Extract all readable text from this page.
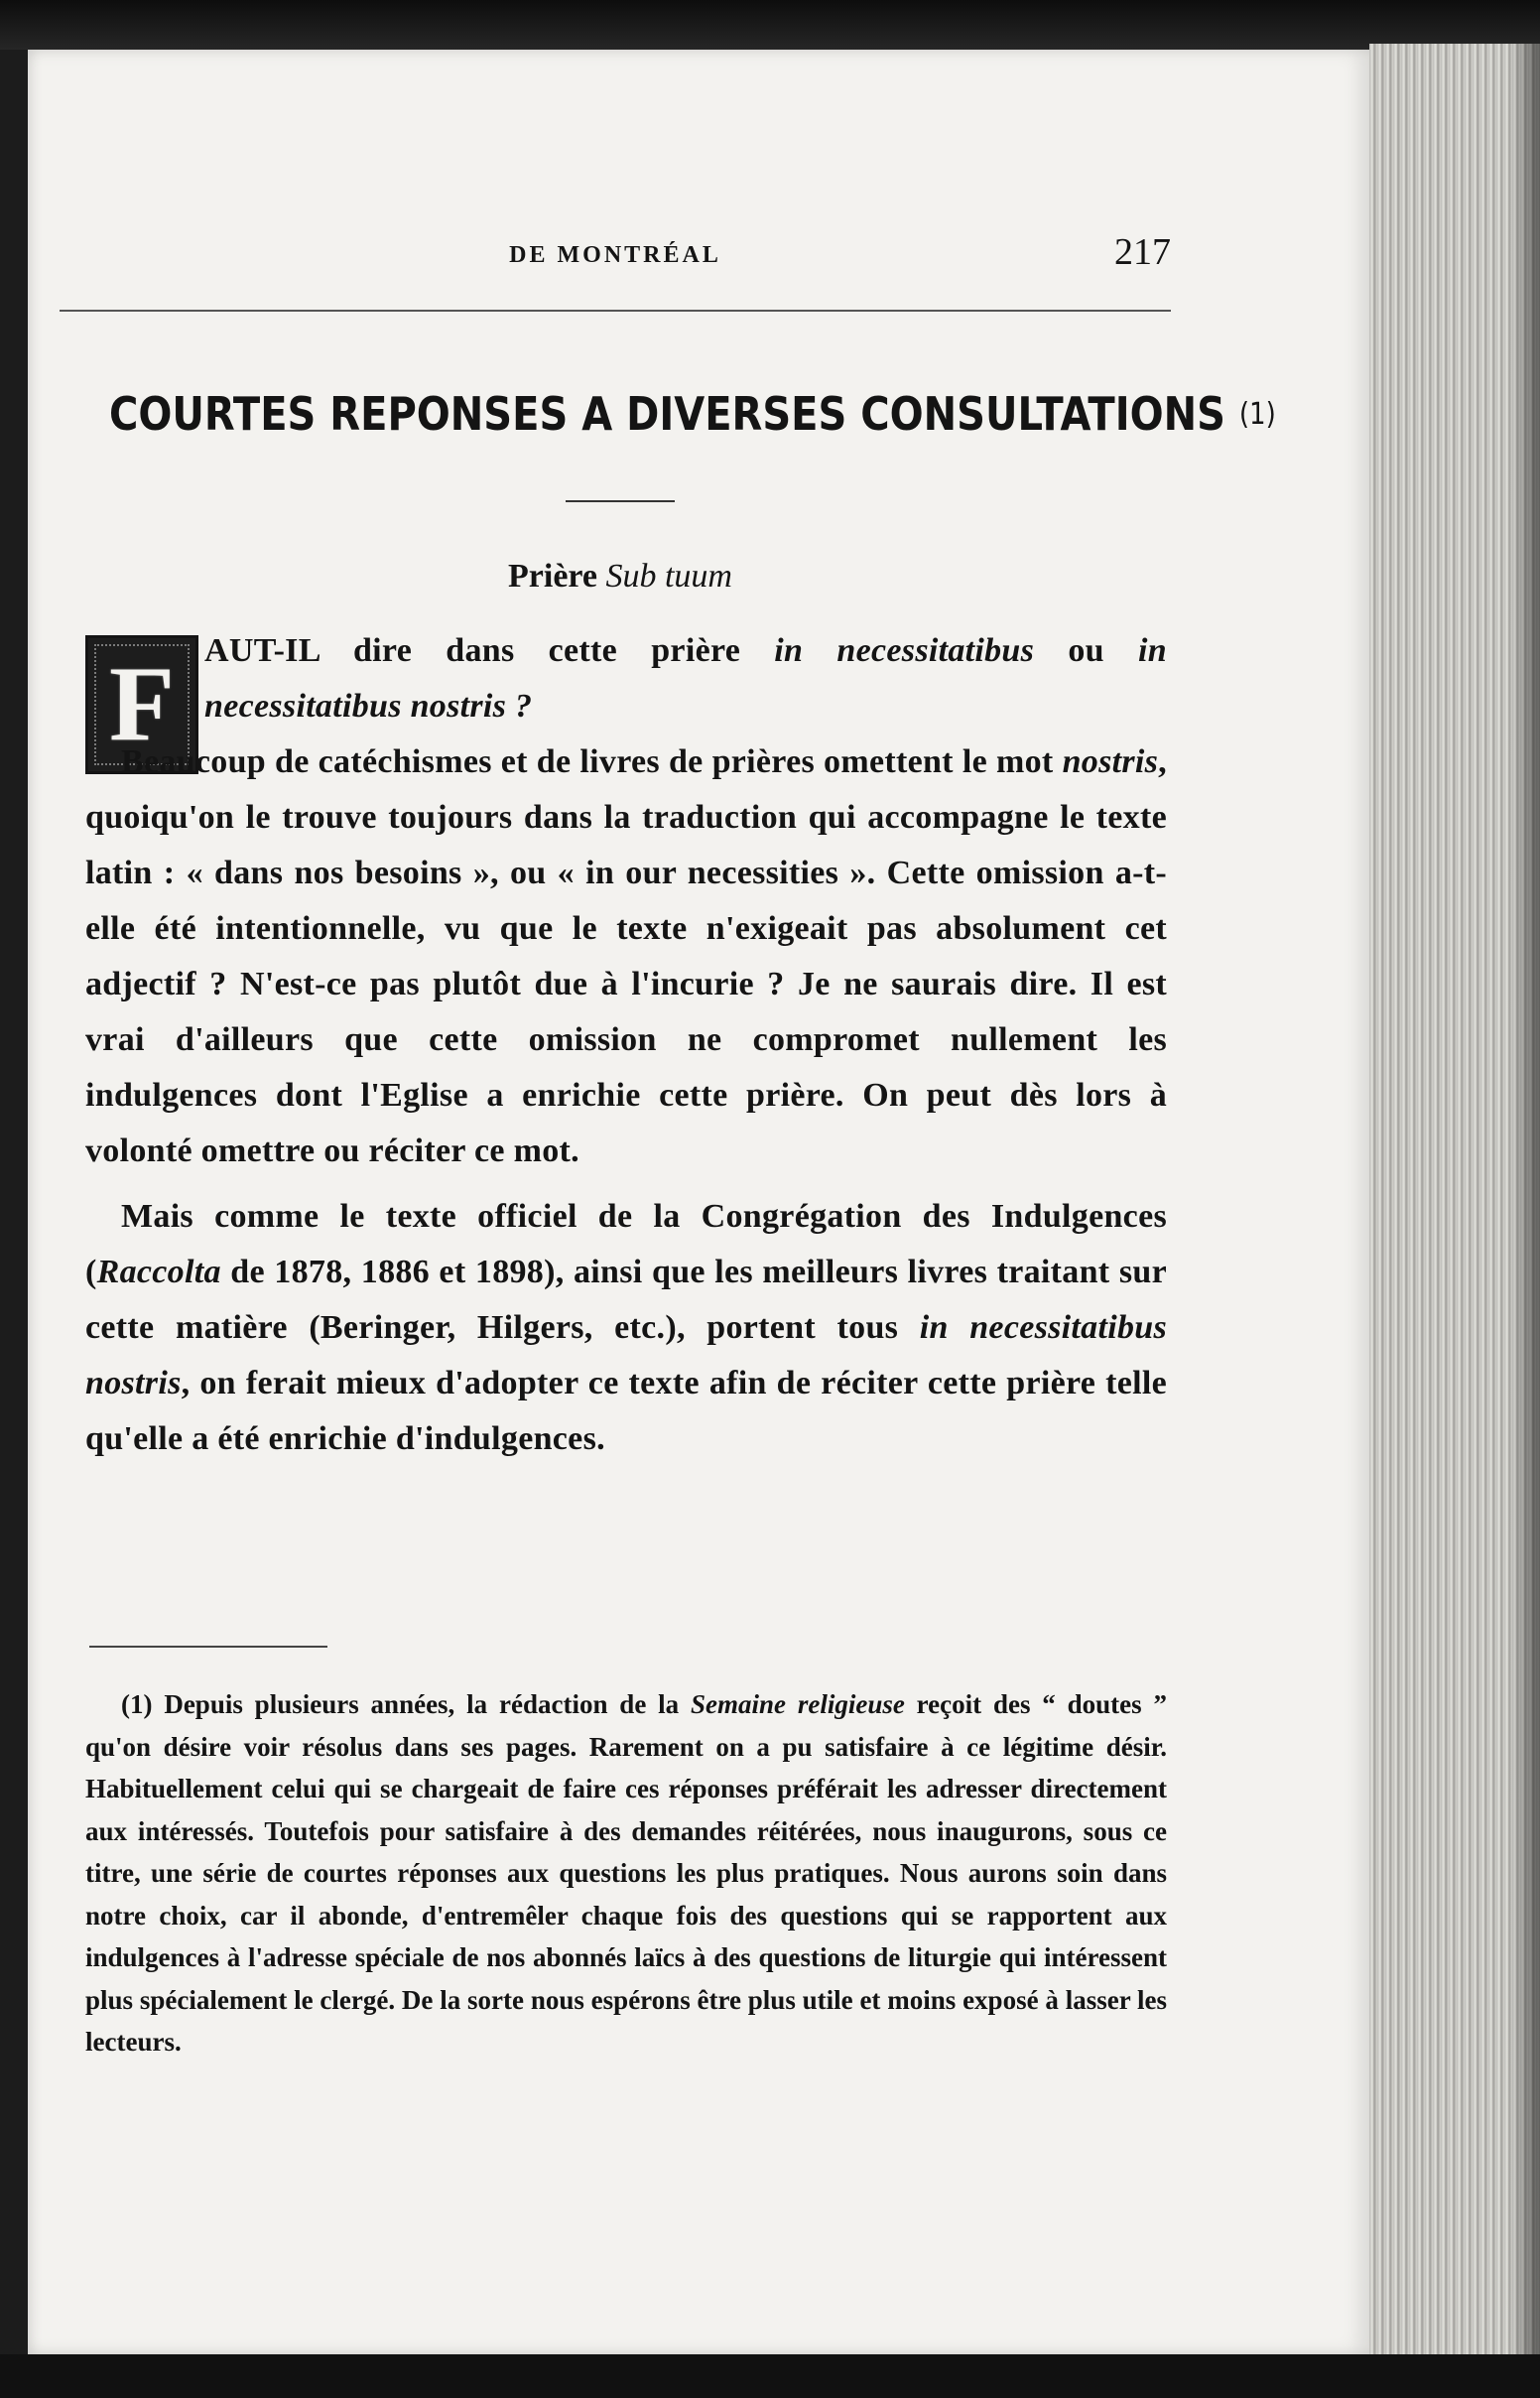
DE MONTRÉAL	217
COURTES REPONSES A DIVERSES CONSULTATIONS (1)
Prière Sub tuum
F AUT-IL dire dans cette prière in necessitatibus ou in necessitatibus nostris ?

Beaucoup de catéchismes et de livres de prières omettent le mot nostris, quoiqu'on le trouve toujours dans la traduction qui accompagne le texte latin : « dans nos besoins », ou « in our necessities ». Cette omission a-t-elle été intentionnelle, vu que le texte n'exigeait pas absolument cet adjectif ? N'est-ce pas plutôt due à l'incurie ? Je ne saurais dire. Il est vrai d'ailleurs que cette omission ne compromet nullement les indulgences dont l'Eglise a enrichie cette prière. On peut dès lors à volonté omettre ou réciter ce mot.

Mais comme le texte officiel de la Congrégation des Indulgences (Raccolta de 1878, 1886 et 1898), ainsi que les meilleurs livres traitant sur cette matière (Beringer, Hilgers, etc.), portent tous in necessitatibus nostris, on ferait mieux d'adopter ce texte afin de réciter cette prière telle qu'elle a été enrichie d'indulgences.

(1) Depuis plusieurs années, la rédaction de la Semaine religieuse reçoit des “ doutes ” qu'on désire voir résolus dans ses pages. Rarement on a pu satisfaire à ce légitime désir. Habituellement celui qui se chargeait de faire ces réponses préférait les adresser directement aux intéressés. Toutefois pour satisfaire à des demandes réitérées, nous inaugurons, sous ce titre, une série de courtes réponses aux questions les plus pratiques. Nous aurons soin dans notre choix, car il abonde, d'entremêler chaque fois des questions qui se rapportent aux indulgences à l'adresse spéciale de nos abonnés laïcs à des questions de liturgie qui intéressent plus spécialement le clergé. De la sorte nous espérons être plus utile et moins exposé à lasser les lecteurs.
